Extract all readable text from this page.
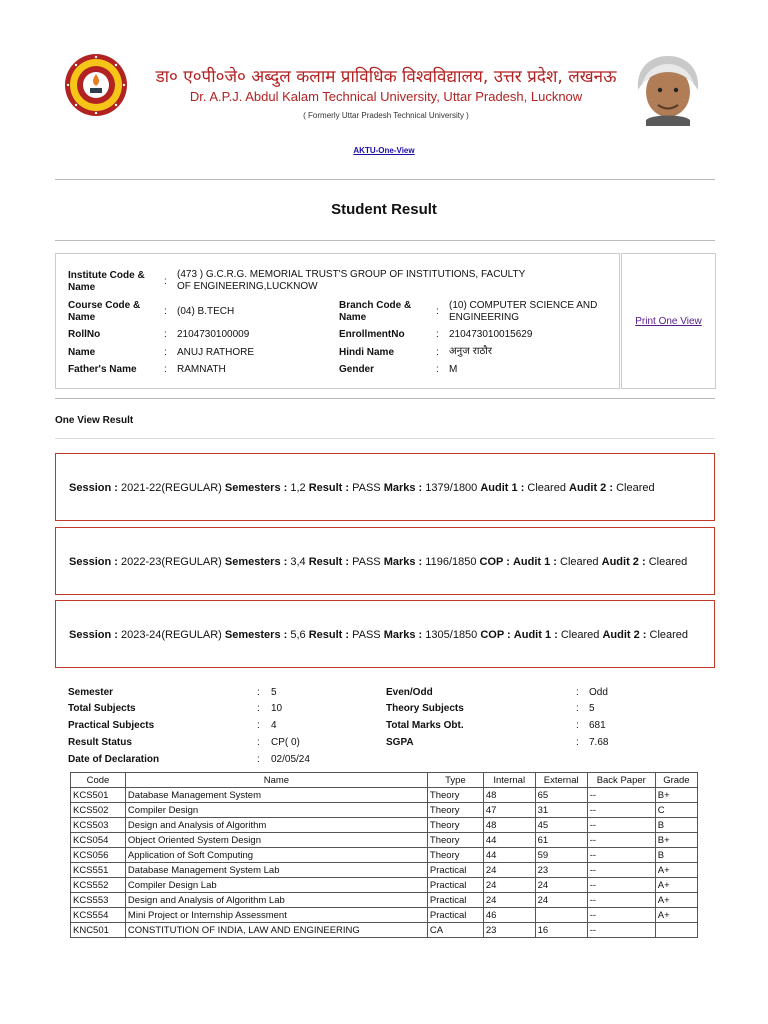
डा० ए०पी०जे० अब्दुल कलाम प्राविधिक विश्वविद्यालय, उत्तर प्रदेश, लखनऊ
Dr. A.P.J. Abdul Kalam Technical University, Uttar Pradesh, Lucknow
( Formerly Uttar Pradesh Technical University )
AKTU-One-View
Student Result
Institute Code & Name
:
(473 ) G.C.R.G. MEMORIAL TRUST'S GROUP OF INSTITUTIONS, FACULTY OF ENGINEERING,LUCKNOW
Course Code & Name
: (04) B.TECH
Branch Code & Name
:
(10) COMPUTER SCIENCE AND ENGINEERING
RollNo	: 2104730100009	EnrollmentNo	: 210473010015629
Name	: ANUJ RATHORE	Hindi Name	: अनुज राठौर
Father's Name	: RAMNATH	Gender	: M
Print One View
One View Result
Session : 2021-22(REGULAR) Semesters : 1,2 Result : PASS Marks : 1379/1800 Audit 1 : Cleared Audit 2 : Cleared
Session : 2022-23(REGULAR) Semesters : 3,4 Result : PASS Marks : 1196/1850 COP : Audit 1 : Cleared Audit 2 : Cleared
Session : 2023-24(REGULAR) Semesters : 5,6 Result : PASS Marks : 1305/1850 COP : Audit 1 : Cleared Audit 2 : Cleared
Semester	: 5
Total Subjects	: 10
Practical Subjects	: 4
Result Status	: CP( 0)
Date of Declaration	: 02/05/24
Even/Odd	: Odd
Theory Subjects	: 5
Total Marks Obt.	: 681
SGPA	: 7.68
Code	Name	Type	Internal	External	Back Paper	Grade
KCS501	Database Management System	Theory	48	65	--	B+
KCS502	Compiler Design	Theory	47	31	--	C
KCS503	Design and Analysis of Algorithm	Theory	48	45	--	B
KCS054	Object Oriented System Design	Theory	44	61	--	B+
KCS056	Application of Soft Computing	Theory	44	59	--	B
KCS551	Database Management System Lab	Practical	24	23	--	A+
KCS552	Compiler Design Lab	Practical	24	24	--	A+
KCS553	Design and Analysis of Algorithm Lab	Practical	24	24	--	A+
KCS554	Mini Project or Internship Assessment	Practical	46		--	A+
KNC501	CONSTITUTION OF INDIA, LAW AND ENGINEERING	CA	23	16	--	
